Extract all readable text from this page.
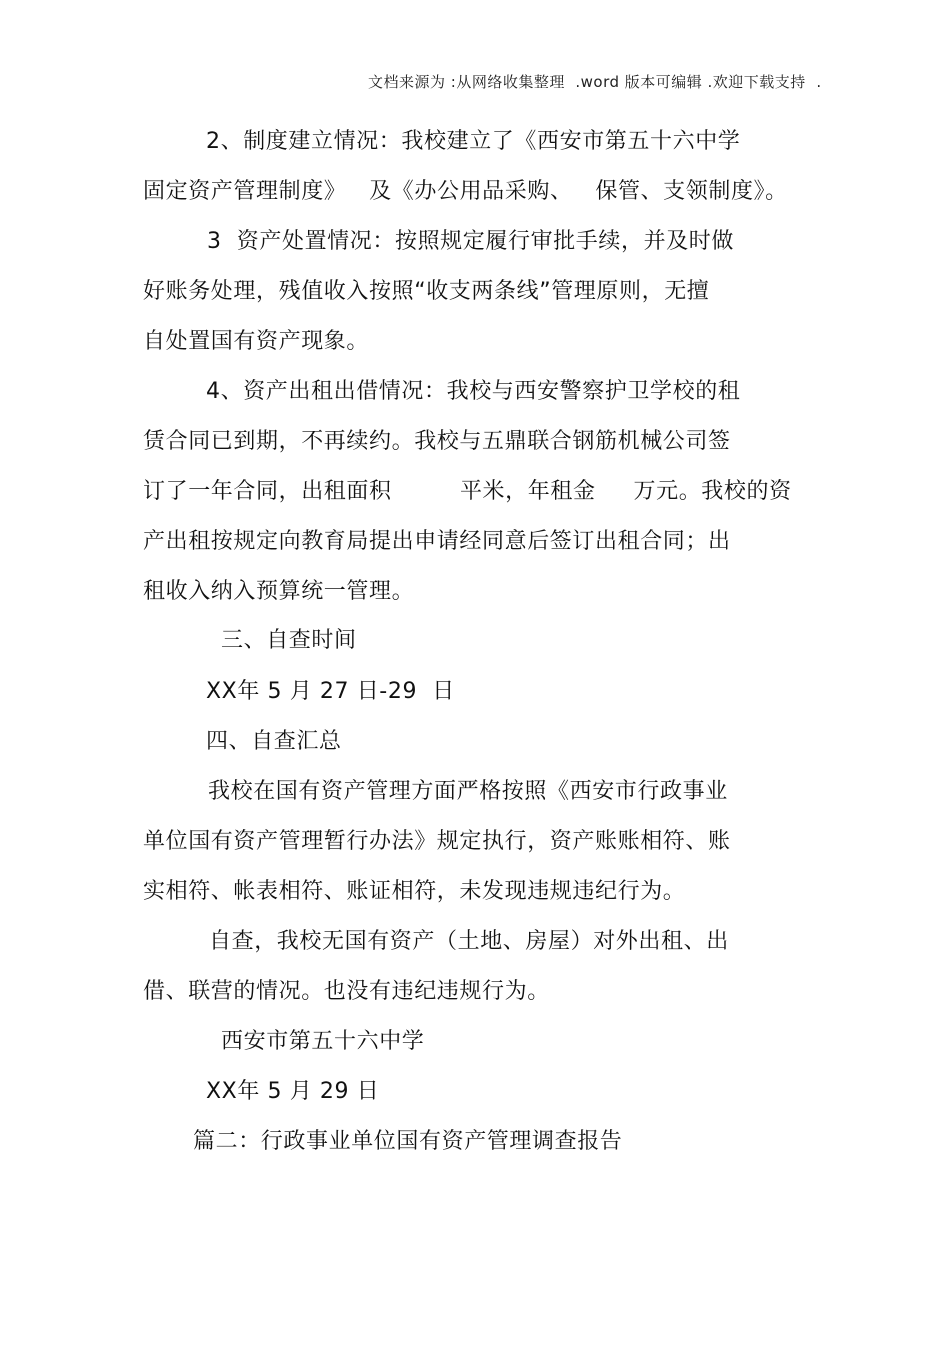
文档来源为 :从网络收集整理  .word 版本可编辑 .欢迎下载支持  .
2、制度建立情况：我校建立了《西安市第五十六中学
固定资产管理制度》   及《办公用品采购、   保管、支领制度》。
3  资产处置情况：按照规定履行审批手续，并及时做
好账务处理，残值收入按照“收支两条线”管理原则，无擅
自处置国有资产现象。
4、资产出租出借情况：我校与西安警察护卫学校的租
赁合同已到期，不再续约。我校与五鼎联合钢筋机械公司签
订了一年合同，出租面积         平米，年租金     万元。我校的资
产出租按规定向教育局提出申请经同意后签订出租合同；出
租收入纳入预算统一管理。
三、自查时间
XX年 5 月 27 日-29  日
四、自查汇总
我校在国有资产管理方面严格按照《西安市行政事业
单位国有资产管理暂行办法》规定执行，资产账账相符、账
实相符、帐表相符、账证相符，未发现违规违纪行为。
自查，我校无国有资产（土地、房屋）对外出租、出
借、联营的情况。也没有违纪违规行为。
西安市第五十六中学
XX年 5 月 29 日
篇二：行政事业单位国有资产管理调查报告
